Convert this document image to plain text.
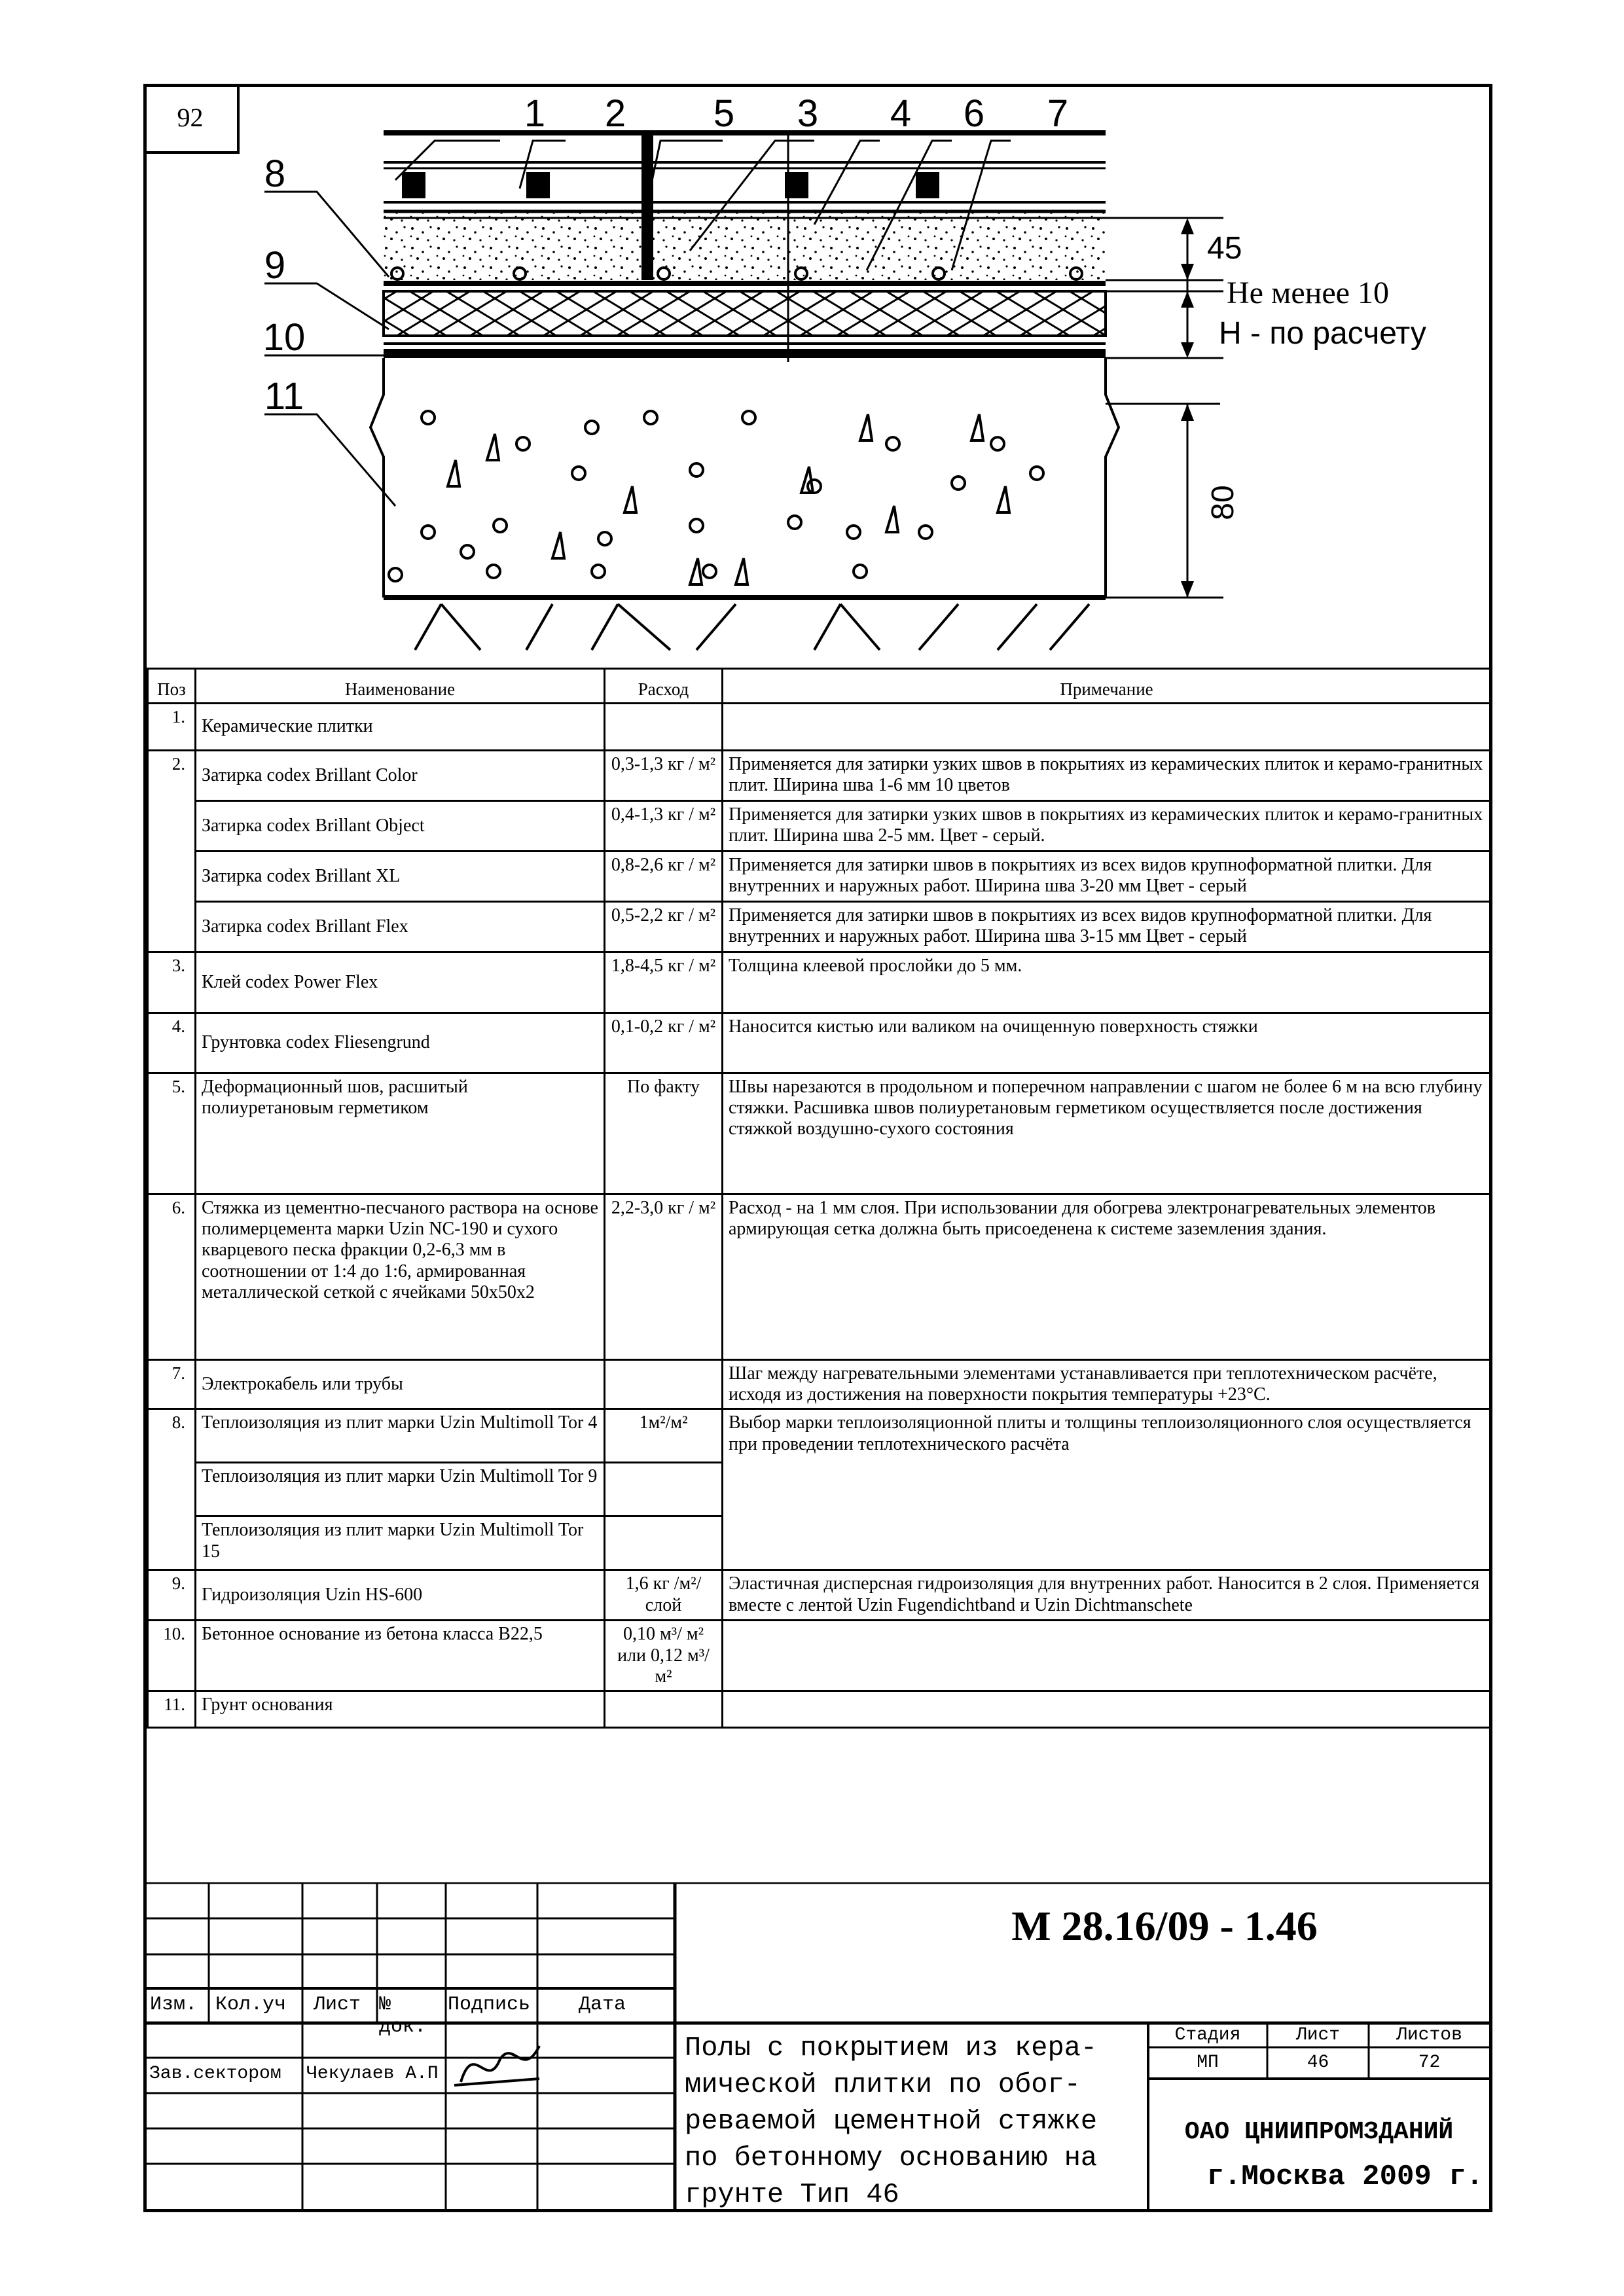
92	1 2 5 3 4 6 7
8
9
10
11
45
Не менее 10
Н - по расчету
80
Поз	Наименование	Расход	Примечание
1.	Керамические плитки		
2.	Затирка codex Brillant Color	0,3-1,3 кг / м²	Применяется для затирки узких швов в покрытиях из керамических плиток и керамо-гранитных плит. Ширина шва 1-6 мм 10 цветов
	Затирка codex Brillant Object	0,4-1,3 кг / м²	Применяется для затирки узких швов в покрытиях из керамических плиток и керамо-гранитных плит. Ширина шва 2-5 мм. Цвет - серый.
	Затирка codex Brillant XL	0,8-2,6 кг / м²	Применяется для затирки швов в покрытиях из всех видов крупноформатной плитки. Для внутренних и наружных работ. Ширина шва 3-20 мм Цвет - серый
	Затирка codex Brillant Flex	0,5-2,2 кг / м²	Применяется для затирки швов в покрытиях из всех видов крупноформатной плитки. Для внутренних и наружных работ. Ширина шва 3-15 мм Цвет - серый
3.	Клей codex Power Flex	1,8-4,5 кг / м²	Толщина клеевой прослойки до 5 мм.
4.	Грунтовка codex Fliesengrund	0,1-0,2 кг / м²	Наносится кистью или валиком на очищенную поверхность стяжки
5.	Деформационный шов, расшитый полиуретановым герметиком	По факту	Швы нарезаются в продольном и поперечном направлении с шагом не более 6 м на всю глубину стяжки. Расшивка швов полиуретановым герметиком осуществляется после достижения стяжкой воздушно-сухого состояния
6.	Стяжка из цементно-песчаного раствора на основе полимерцемента марки Uzin NC-190 и сухого кварцевого песка фракции 0,2-6,3 мм в соотношении от 1:4 до 1:6, армированная металлической сеткой с ячейками 50х50х2	2,2-3,0 кг / м²	Расход - на 1 мм слоя. При использовании для обогрева электронагревательных элементов армирующая сетка должна быть присоеденена к системе заземления здания.
7.	Электрокабель или трубы		Шаг между нагревательными элементами устанавливается при теплотехническом расчёте, исходя из достижения на поверхности покрытия температуры +23°С.
8.	Теплоизоляция из плит марки Uzin Multimoll Tor 4	1м²/м²	Выбор марки теплоизоляционной плиты и толщины теплоизоляционного слоя осуществляется при проведении теплотехнического расчёта
	Теплоизоляция из плит марки Uzin Multimoll Tor 9		
	Теплоизоляция из плит марки Uzin Multimoll Tor 15		
9.	Гидроизоляция Uzin HS-600	1,6 кг /м²/слой	Эластичная дисперсная гидроизоляция для внутренних работ. Наносится в 2 слоя. Применяется вместе с лентой Uzin Fugendichtband и Uzin Dichtmanschete
10.	Бетонное основание из бетона класса В22,5	0,10 м³/ м² или 0,12 м³/ м²	
11.	Грунт основания		
М 28.16/09 - 1.46
Изм. Кол.уч	Лист № док.
Подпись Дата
Зав.сектором Чекулаев А.П
Полы с покрытием из кера-
мической плитки по обог-
реваемой цементной стяжке
по бетонному основанию на
грунте Тип 46
Стадия	Лист	Листов
МП	46	72
ОАО ЦНИИПРОМЗДАНИЙ
г.Москва 2009 г.
